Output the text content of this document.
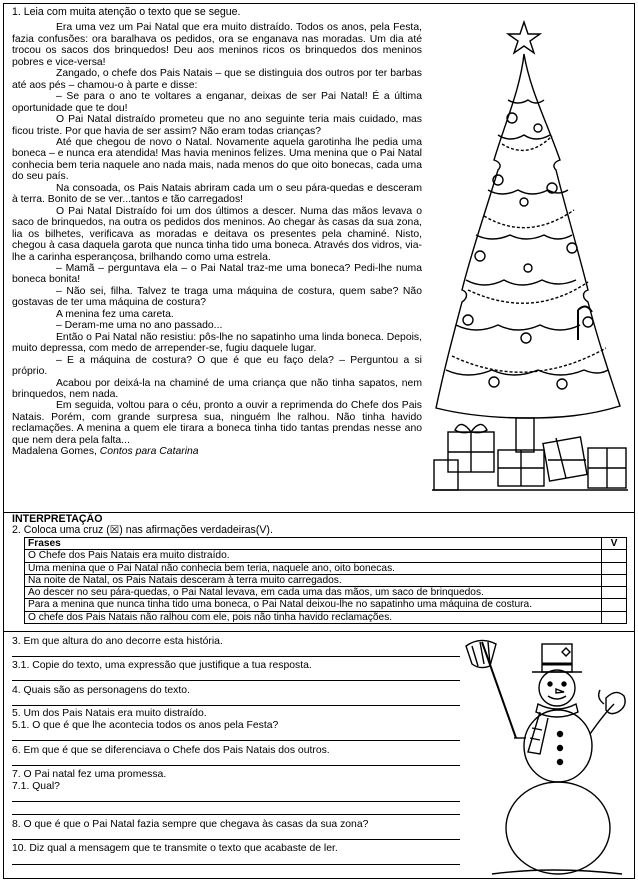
1. Leia com muita atenção o texto que se segue.

Era uma vez um Pai Natal que era muito distraído. Todos os anos, pela Festa, fazia confusões: ora baralhava os pedidos, ora se enganava nas moradas. Um dia até trocou os sacos dos brinquedos! Deu aos meninos ricos os brinquedos dos meninos pobres e vice-versa!

Zangado, o chefe dos Pais Natais – que se distinguia dos outros por ter barbas até aos pés – chamou-o à parte e disse:

– Se para o ano te voltares a enganar, deixas de ser Pai Natal! É a última oportunidade que te dou!

O Pai Natal distraído prometeu que no ano seguinte teria mais cuidado, mas ficou triste. Por que havia de ser assim? Não eram todas crianças?

Até que chegou de novo o Natal. Novamente aquela garotinha lhe pedia uma boneca – e nunca era atendida! Mas havia meninos felizes. Uma menina que o Pai Natal conhecia bem teria naquele ano nada mais, nada menos do que oito bonecas, cada uma do seu país.

Na consoada, os Pais Natais abriram cada um o seu pára-quedas e desceram à terra. Bonito de se ver...tantos e tão carregados!

O Pai Natal Distraído foi um dos últimos a descer. Numa das mãos levava o saco de brinquedos, na outra os pedidos dos meninos. Ao chegar às casas da sua zona, lia os bilhetes, verificava as moradas e deitava os presentes pela chaminé. Nisto, chegou à casa daquela garota que nunca tinha tido uma boneca. Através dos vidros, via-lhe a carinha esperançosa, brilhando como uma estrela.

– Mamã – perguntava ela – o Pai Natal traz-me uma boneca? Pedi-lhe numa boneca bonita!

– Não sei, filha. Talvez te traga uma máquina de costura, quem sabe? Não gostavas de ter uma máquina de costura?

A menina fez uma careta.

– Deram-me uma no ano passado...

Então o Pai Natal não resistiu: pôs-lhe no sapatinho uma linda boneca. Depois, muito depressa, com medo de arrepender-se, fugiu daquele lugar.

– E a máquina de costura? O que é que eu faço dela? – Perguntou a si próprio.

Acabou por deixá-la na chaminé de uma criança que não tinha sapatos, nem brinquedos, nem nada.

Em seguida, voltou para o céu, pronto a ouvir a reprimenda do Chefe dos Pais Natais. Porém, com grande surpresa sua, ninguém lhe ralhou. Não tinha havido reclamações. A menina a quem ele tirara a boneca tinha tido tantas prendas nesse ano que nem dera pela falta...

Madalena Gomes, Contos para Catarina

INTERPRETAÇÃO
2. Coloca uma cruz (☒) nas afirmações verdadeiras(V).
Frases	V
O Chefe dos Pais Natais era muito distraído.	
Uma menina que o Pai Natal não conhecia bem teria, naquele ano, oito bonecas.	
Na noite de Natal, os Pais Natais desceram à terra muito carregados.	
Ao descer no seu pára-quedas, o Pai Natal levava, em cada uma das mãos, um saco de brinquedos.	
Para a menina que nunca tinha tido uma boneca, o Pai Natal deixou-lhe no sapatinho uma máquina de costura.	
O chefe dos Pais Natais não ralhou com ele, pois não tinha havido reclamações.	
3. Em que altura do ano decorre esta história.
3.1. Copie do texto, uma expressão que justifique a tua resposta.
4. Quais são as personagens do texto.
5. Um dos Pais Natais era muito distraído.
5.1. O que é que lhe acontecia todos os anos pela Festa?
6. Em que é que se diferenciava o Chefe dos Pais Natais dos outros.
7. O Pai natal fez uma promessa.
7.1. Qual?
8. O que é que o Pai Natal fazia sempre que chegava às casas da sua zona?
10. Diz qual a mensagem que te transmite o texto que acabaste de ler.
